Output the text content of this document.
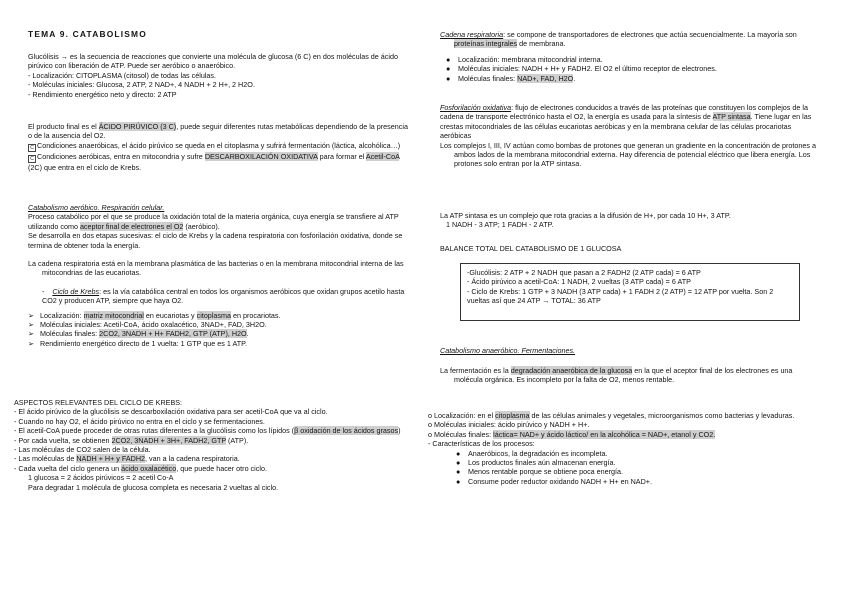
TEMA 9. CATABOLISMO

Glucólisis → es la secuencia de reacciones que convierte una molécula de glucosa (6 C) en dos moléculas de ácido pirúvico con liberación de ATP. Puede ser aeróbico o anaeróbico.

- Localización: CITOPLASMA (citosol) de todas las células.

- Moléculas iniciales: Glucosa, 2 ATP, 2 NAD+, 4 NADH + 2 H+, 2 H2O.

- Rendimiento energético neto y directo: 2 ATP

El producto final es el ÁCIDO PIRÚVICO (3 C), puede seguir diferentes rutas metabólicas dependiendo de la presencia o de la ausencia del O2.

C Condiciones anaeróbicas, el ácido pirúvico se queda en el citoplasma y sufrirá fermentación (láctica, alcohólica…)

C Condiciones aeróbicas, entra en mitocondria y sufre DESCARBOXILACIÓN OXIDATIVA para formar el Acetil-CoA (2C) que entra en el ciclo de Krebs.

Catabolismo aeróbico. Respiración celular.

Proceso catabólico por el que se produce la oxidación total de la materia orgánica, cuya energía se transfiere al ATP utilizando como aceptor final de electrones el O2 (aeróbico).

Se desarrolla en dos etapas sucesivas: el ciclo de Krebs y la cadena respiratoria con fosforilación oxidativa, donde se termina de obtener toda la energía.

La cadena respiratoria está en la membrana plasmática de las bacterias o en la membrana mitocondrial interna de las mitocondrias de las eucariotas.

-    Ciclo de Krebs: es la vía catabólica central en todos los organismos aeróbicos que oxidan grupos acetilo hasta CO2 y producen ATP, siempre que haya O2.

➢ Localización: matriz mitocondrial en eucariotas y citoplasma en procariotas.
➢ Moléculas iniciales: Acetil-CoA, ácido oxalacético, 3NAD+, FAD, 3H2O.
➢ Moléculas finales: 2CO2, 3NADH + H+ FADH2, GTP (ATP), H2O.
➢ Rendimiento energético directo de 1 vuelta: 1 GTP que es 1 ATP.

ASPECTOS RELEVANTES DEL CICLO DE KREBS:

- El ácido pirúvico de la glucólisis se descarboxilación oxidativa para ser acetil-CoA que va al ciclo.

- Cuando no hay O2, el ácido pirúvico no entra en el ciclo y se fermentaciones.

- El acetil-CoA puede proceder de otras rutas diferentes a la glucólisis como los lípidos (β oxidación de los ácidos grasos)

- Por cada vuelta, se obtienen 2CO2, 3NADH + 3H+, FADH2, GTP (ATP).

- Las moléculas de CO2 salen de la célula.

- Las moléculas de NADH + H+ y FADH2, van a la cadena respiratoria.

- Cada vuelta del ciclo genera un ácido oxalacético, que puede hacer otro ciclo.

1 glucosa = 2 ácidos pirúvicos = 2 acetil Co-A

Para degradar 1 molécula de glucosa completa es necesaria 2 vueltas al ciclo.

Cadena respiratoria: se compone de transportadores de electrones que actúa secuencialmente. La mayoría son proteínas integrales de membrana.

● Localización: membrana mitocondrial interna.
● Moléculas iniciales: NADH + H+ y FADH2. El O2 el último receptor de electrones.
● Moléculas finales: NAD+, FAD, H2O.

Fosforilación oxidativa: flujo de electrones conducidos a través de las proteínas que constituyen los complejos de la cadena de transporte electrónico hasta el O2, la energía es usada para la síntesis de ATP sintasa. Tiene lugar en las crestas mitocondriales de las células eucariotas aeróbicas y en la membrana celular de las células procariotas aeróbicas

Los complejos I, III, IV actúan como bombas de protones que generan un gradiente en la concentración de protones a ambos lados de la membrana mitocondrial externa. Hay diferencia de potencial eléctrico que libera energía. Los protones solo entran por la ATP sintasa.

La ATP sintasa es un complejo que rota gracias a la difusión de H+, por cada 10 H+, 3 ATP.

1 NADH - 3 ATP; 1 FADH - 2 ATP.

BALANCE TOTAL DEL CATABOLISMO DE 1 GLUCOSA

-Glucólisis: 2 ATP + 2 NADH que pasan a 2 FADH2 (2 ATP cada) = 6 ATP

- Ácido pirúvico a acetil-CoA: 1 NADH, 2 vueltas (3 ATP cada) = 6 ATP

- Ciclo de Krebs: 1 GTP + 3 NADH (3 ATP cada) + 1 FADH 2 (2 ATP) = 12 ATP por vuelta. Son 2 vueltas así que 24 ATP → TOTAL: 36 ATP

Catabolismo anaeróbico. Fermentaciones.

La fermentación es la degradación anaeróbica de la glucosa en la que el aceptor final de los electrones es una molécula orgánica. Es incompleto por la falta de O2, menos rentable.

o Localización: en el citoplasma de las células animales y vegetales, microorganismos como bacterias y levaduras.

o Moléculas iniciales: ácido pirúvico y NADH + H+.

o Moléculas finales: láctica= NAD+ y ácido láctico/ en la alcohólica = NAD+, etanol y CO2.

- Características de los procesos:

● Anaeróbicos, la degradación es incompleta.
● Los productos finales aún almacenan energía.
● Menos rentable porque se obtiene poca energía.
● Consume poder reductor oxidando NADH + H+ en NAD+.
